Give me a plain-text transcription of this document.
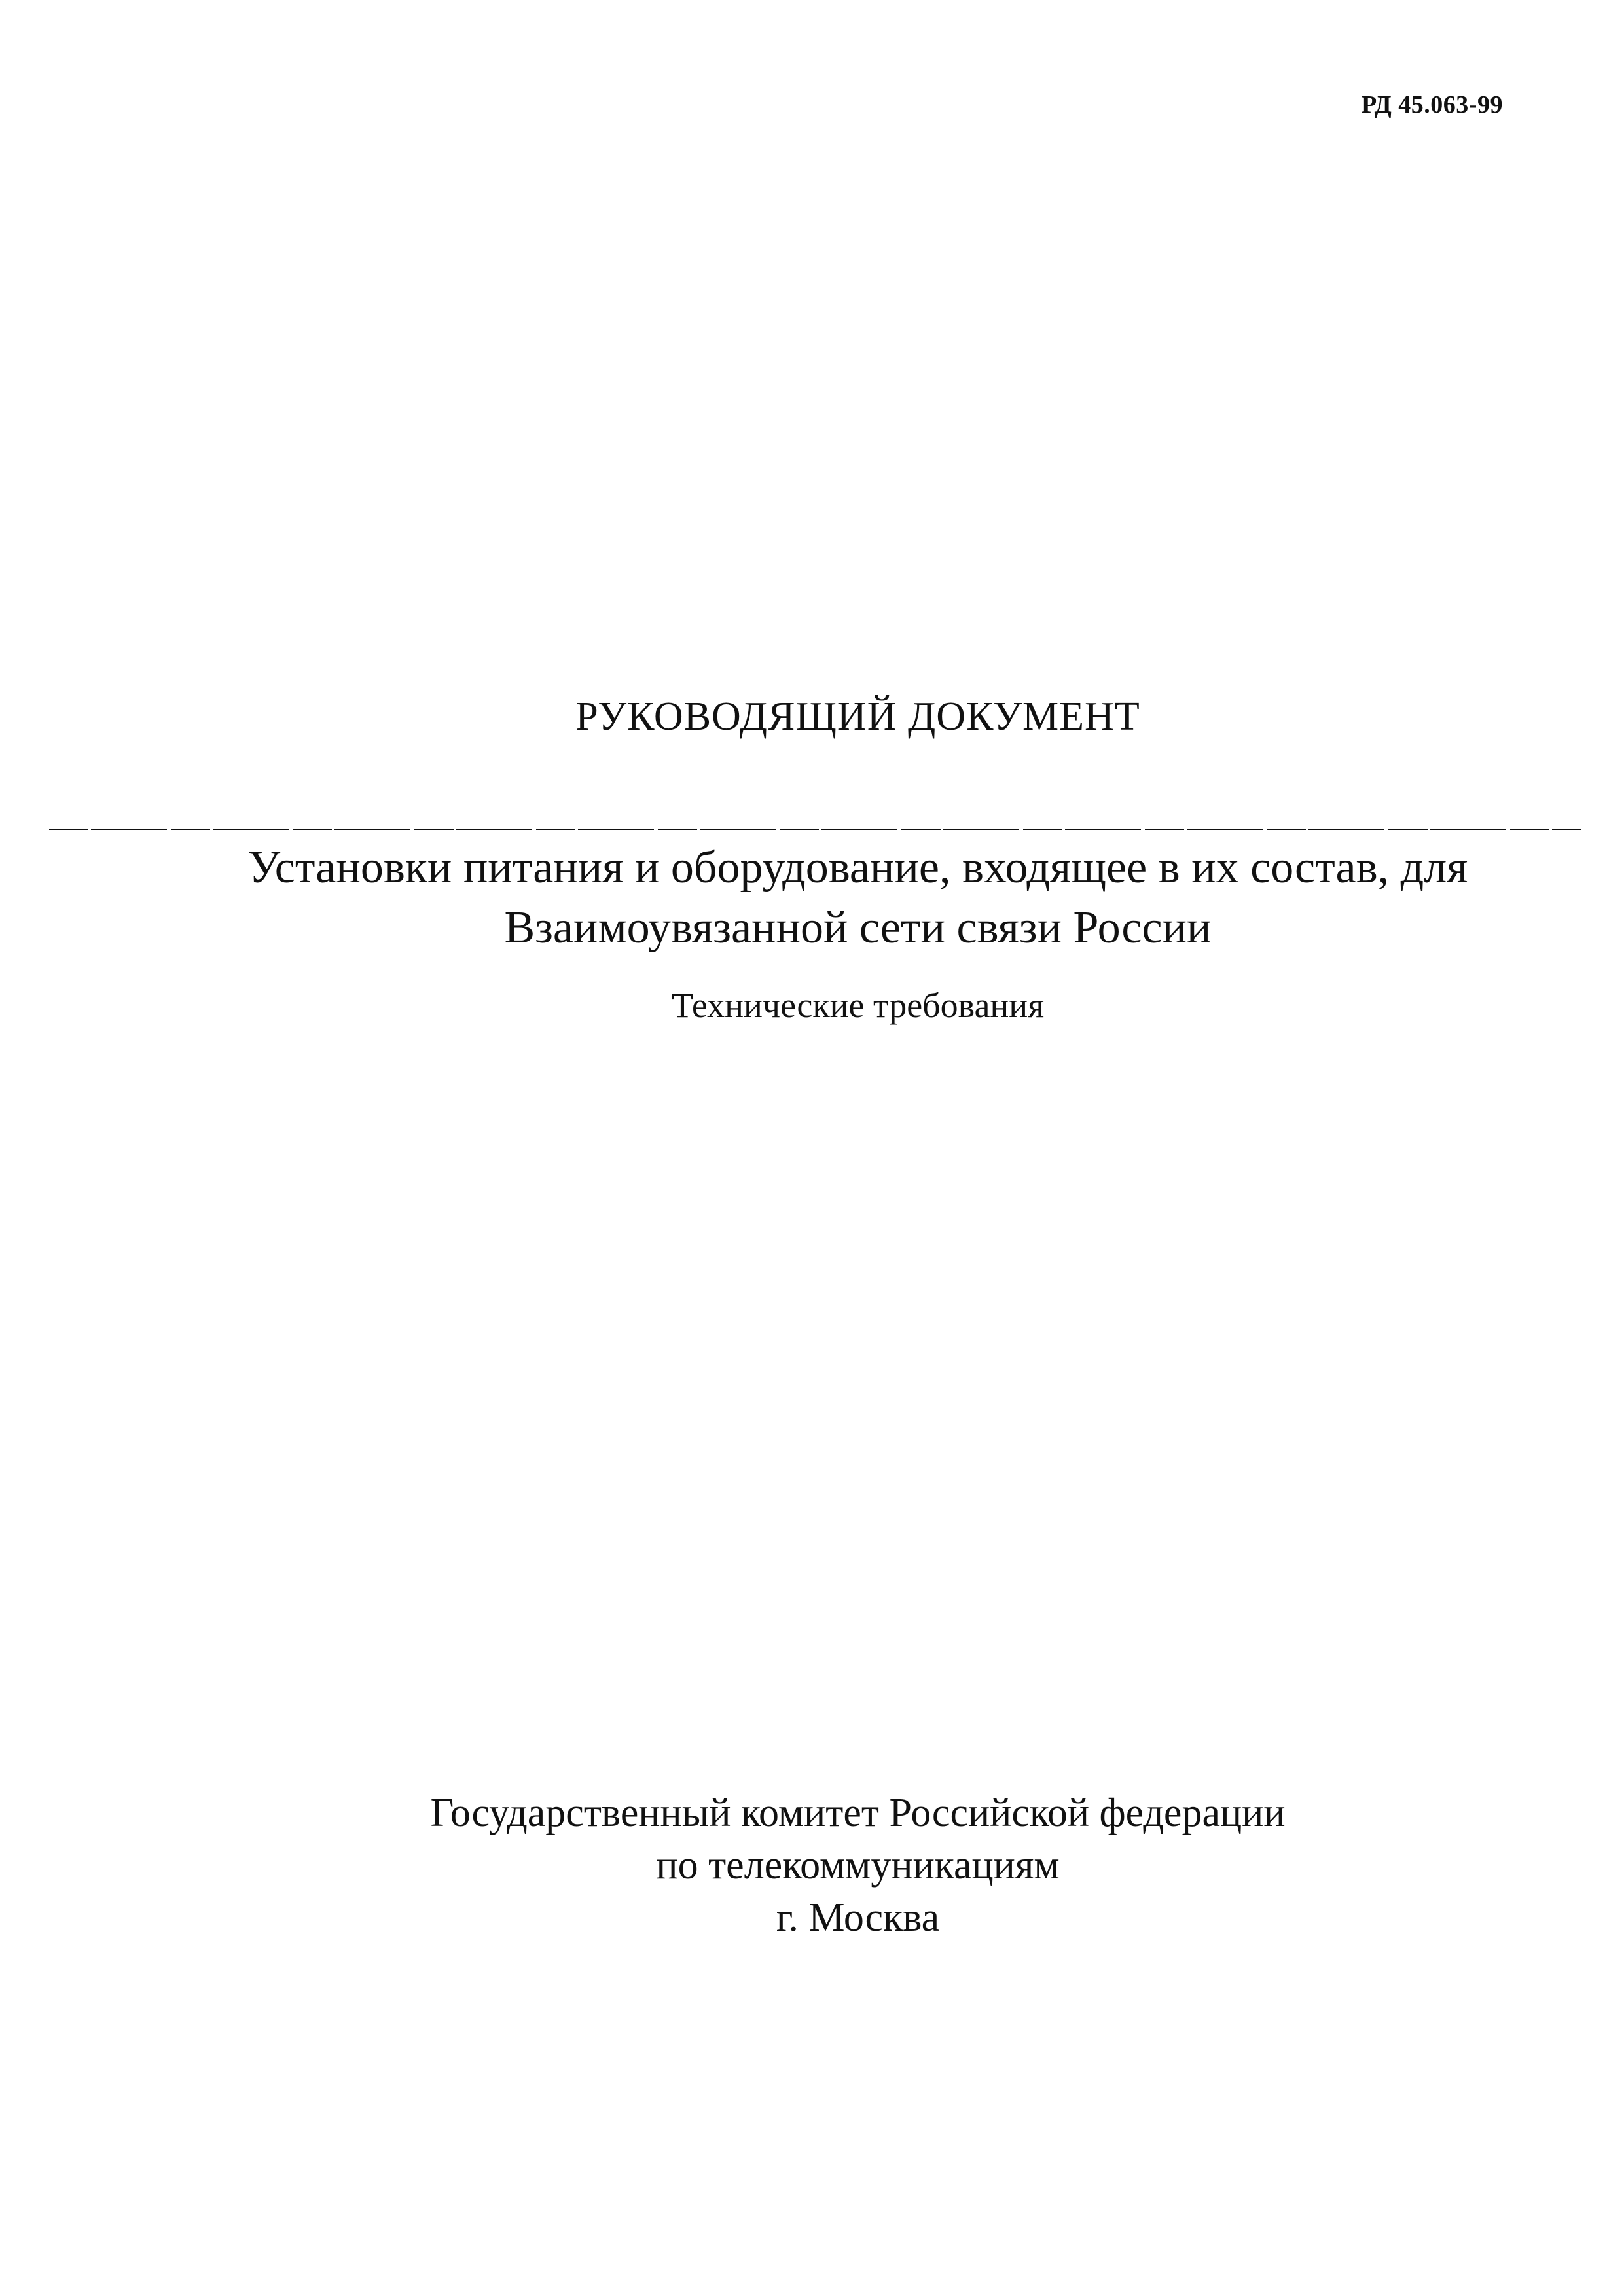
РД 45.063-99
РУКОВОДЯЩИЙ ДОКУМЕНТ
Установки питания и оборудование, входящее в их состав, для
Взаимоувязанной сети связи России
Технические требования
Государственный комитет Российской федерации
по телекоммуникациям
г. Москва
